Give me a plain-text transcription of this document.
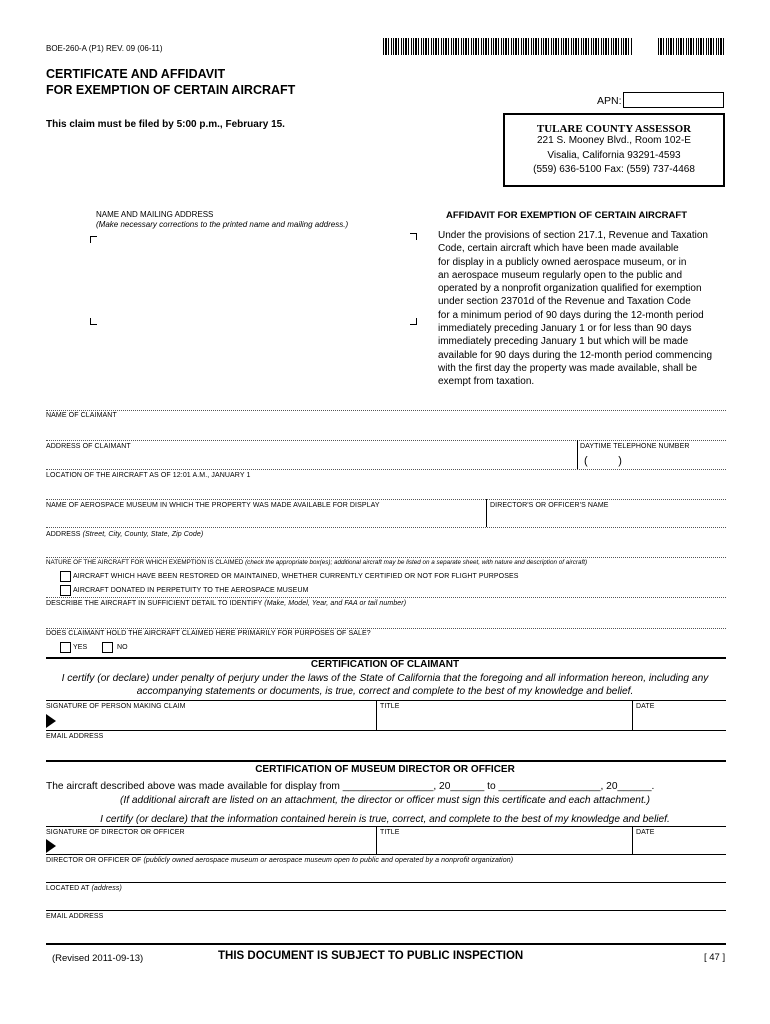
BOE-260-A (P1) REV. 09 (06-11)
CERTIFICATE AND AFFIDAVIT
FOR EXEMPTION OF CERTAIN AIRCRAFT
This claim must be filed by 5:00 p.m., February 15.
APN:
TULARE COUNTY ASSESSOR
221 S. Mooney Blvd., Room 102-E
Visalia, California 93291-4593
(559) 636-5100 Fax: (559) 737-4468
NAME AND MAILING ADDRESS
(Make necessary corrections to the printed name and mailing address.)
AFFIDAVIT FOR EXEMPTION OF CERTAIN AIRCRAFT
Under the provisions of section 217.1, Revenue and Taxation
Code, certain aircraft which have been made available
for display in a publicly owned aerospace museum, or in
an aerospace museum regularly open to the public and
operated by a nonprofit organization qualified for exemption
under section 23701d of the Revenue and Taxation Code
for a minimum period of 90 days during the 12-month period
immediately preceding January 1 or for less than 90 days
immediately preceding January 1 but which will be made
available for 90 days during the 12-month period commencing
with the first day the property was made available, shall be
exempt from taxation.
NAME OF CLAIMANT
ADDRESS OF CLAIMANT	DAYTIME TELEPHONE NUMBER
(          )
LOCATION OF THE AIRCRAFT AS OF 12:01 A.M., JANUARY 1
NAME OF AEROSPACE MUSEUM IN WHICH THE PROPERTY WAS MADE AVAILABLE FOR DISPLAY	DIRECTOR'S OR OFFICER'S NAME
ADDRESS (Street, City, County, State, Zip Code)
NATURE OF THE AIRCRAFT FOR WHICH EXEMPTION IS CLAIMED (check the appropriate box(es); additional aircraft may be listed on a separate sheet, with nature and description of aircraft)
AIRCRAFT WHICH HAVE BEEN RESTORED OR MAINTAINED, WHETHER CURRENTLY CERTIFIED OR NOT FOR FLIGHT PURPOSES
AIRCRAFT DONATED IN PERPETUITY TO THE AEROSPACE MUSEUM
DESCRIBE THE AIRCRAFT IN SUFFICIENT DETAIL TO IDENTIFY (Make, Model, Year, and FAA or tail number)
DOES CLAIMANT HOLD THE AIRCRAFT CLAIMED HERE PRIMARILY FOR PURPOSES OF SALE?
YES	NO
CERTIFICATION OF CLAIMANT
I certify (or declare) under penalty of perjury under the laws of the State of California that the foregoing and all information hereon, including any
accompanying statements or documents, is true, correct and complete to the best of my knowledge and belief.
SIGNATURE OF PERSON MAKING CLAIM	TITLE	DATE
EMAIL ADDRESS
CERTIFICATION OF MUSEUM DIRECTOR OR OFFICER
The aircraft described above was made available for display from ________________, 20______ to __________________, 20______.
(If additional aircraft are listed on an attachment, the director or officer must sign this certificate and each attachment.)
I certify (or declare) that the information contained herein is true, correct, and complete to the best of my knowledge and belief.
SIGNATURE OF DIRECTOR OR OFFICER	TITLE	DATE
DIRECTOR OR OFFICER OF (publicly owned aerospace museum or aerospace museum open to public and operated by a nonprofit organization)
LOCATED AT (address)
EMAIL ADDRESS
(Revised 2011-09-13)	THIS DOCUMENT IS SUBJECT TO PUBLIC INSPECTION	[ 47 ]
